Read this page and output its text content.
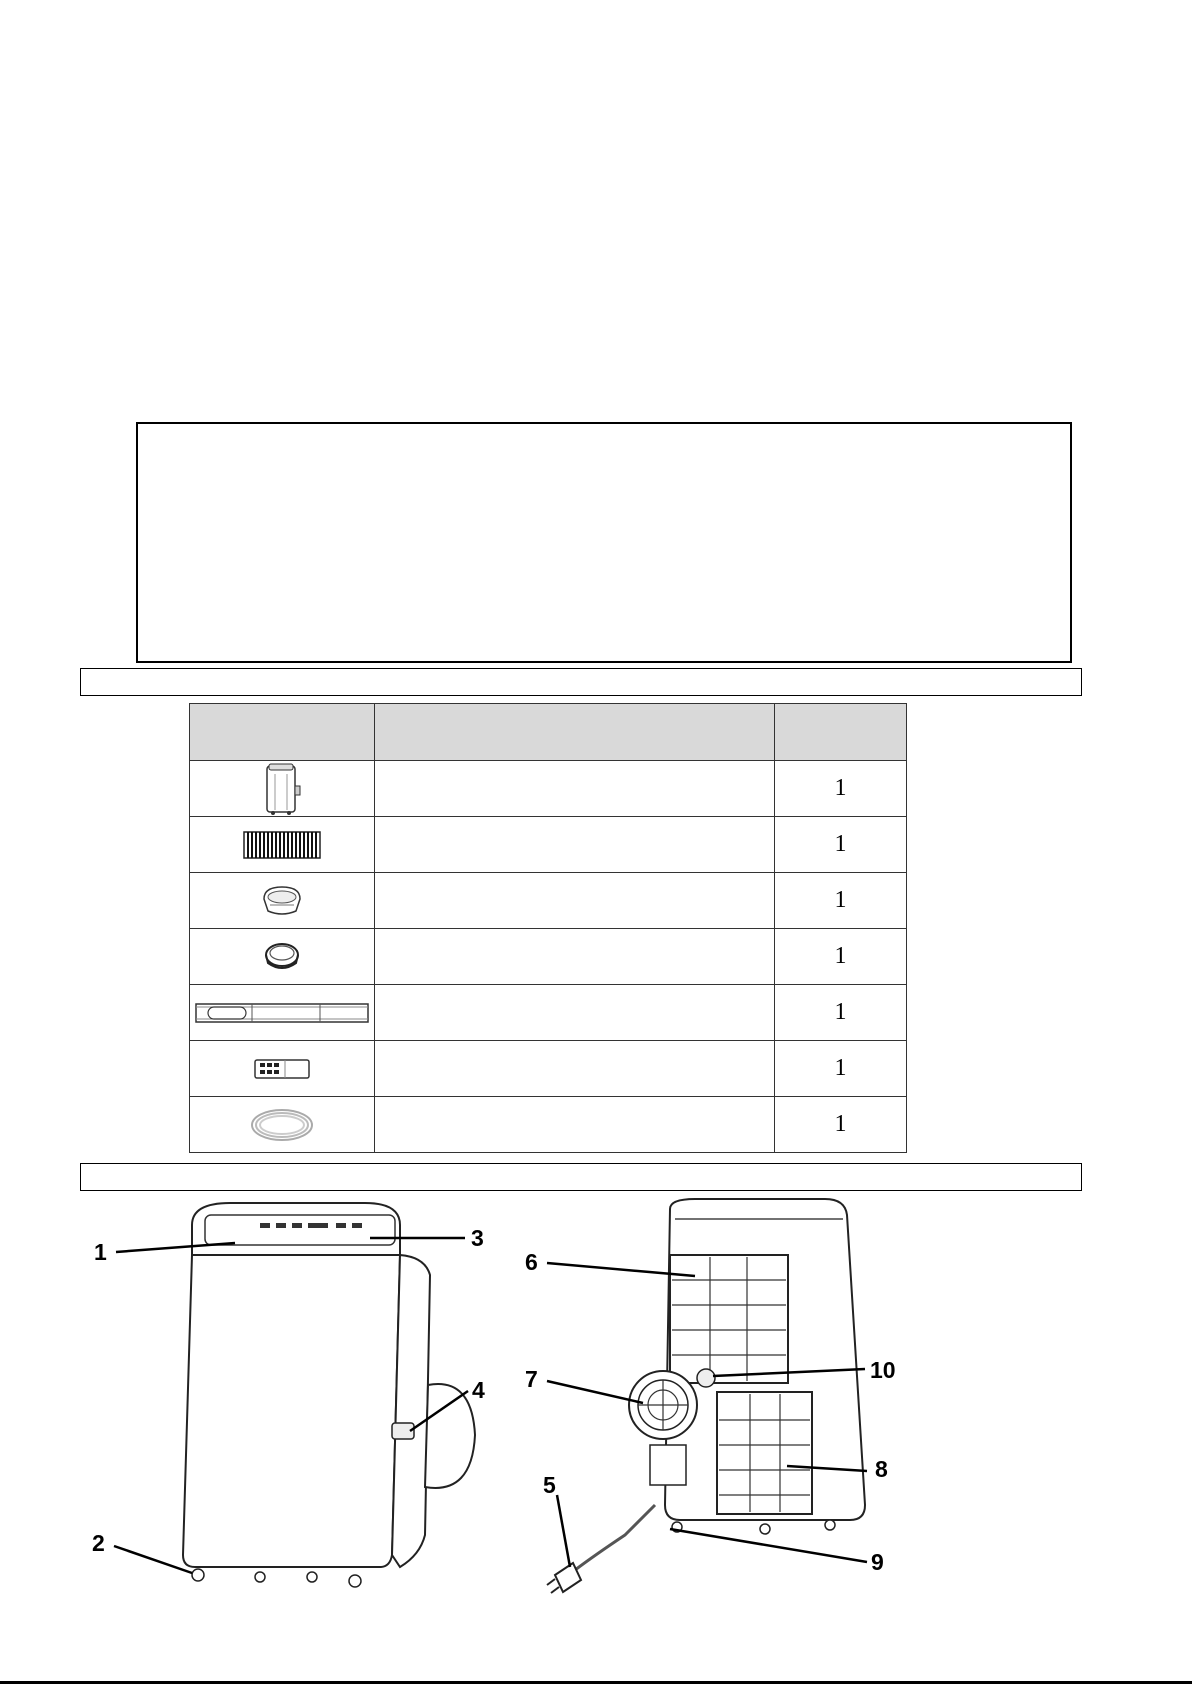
		1

		1

		1

		1

		1

		1

		1
1
3
4
2
6
7	10
8
5
9
